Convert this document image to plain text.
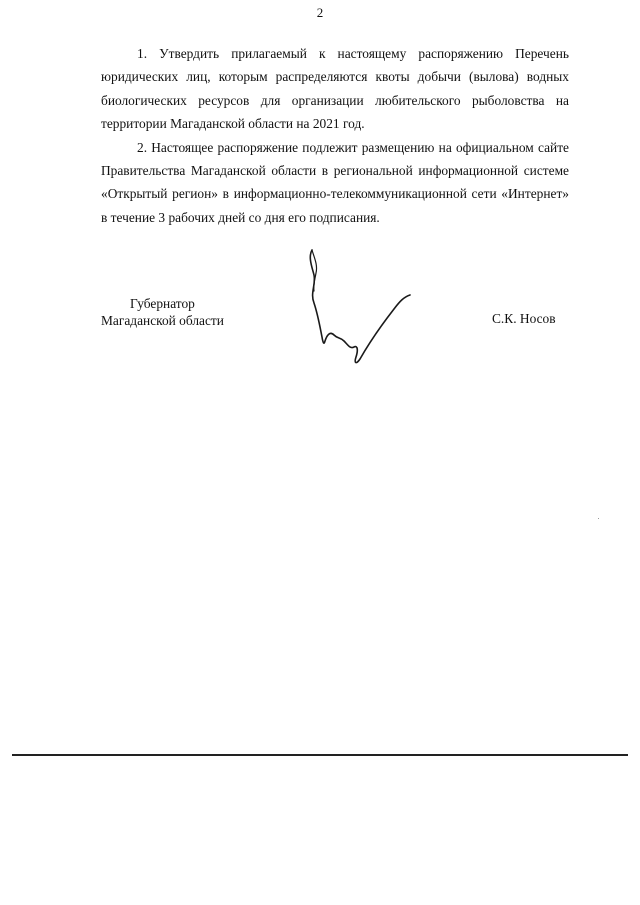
2

1. Утвердить прилагаемый к настоящему распоряжению Перечень юридических лиц, которым распределяются квоты добычи (вылова) водных биологических ресурсов для организации любительского рыболовства на территории Магаданской области на 2021 год.

2. Настоящее распоряжение подлежит размещению на официальном сайте Правительства Магаданской области в региональной информационной системе «Открытый регион» в информационно-телекоммуникационной сети «Интернет» в течение 3 рабочих дней со дня его подписания.

Губернатор
Магаданской области	С.К. Носов
